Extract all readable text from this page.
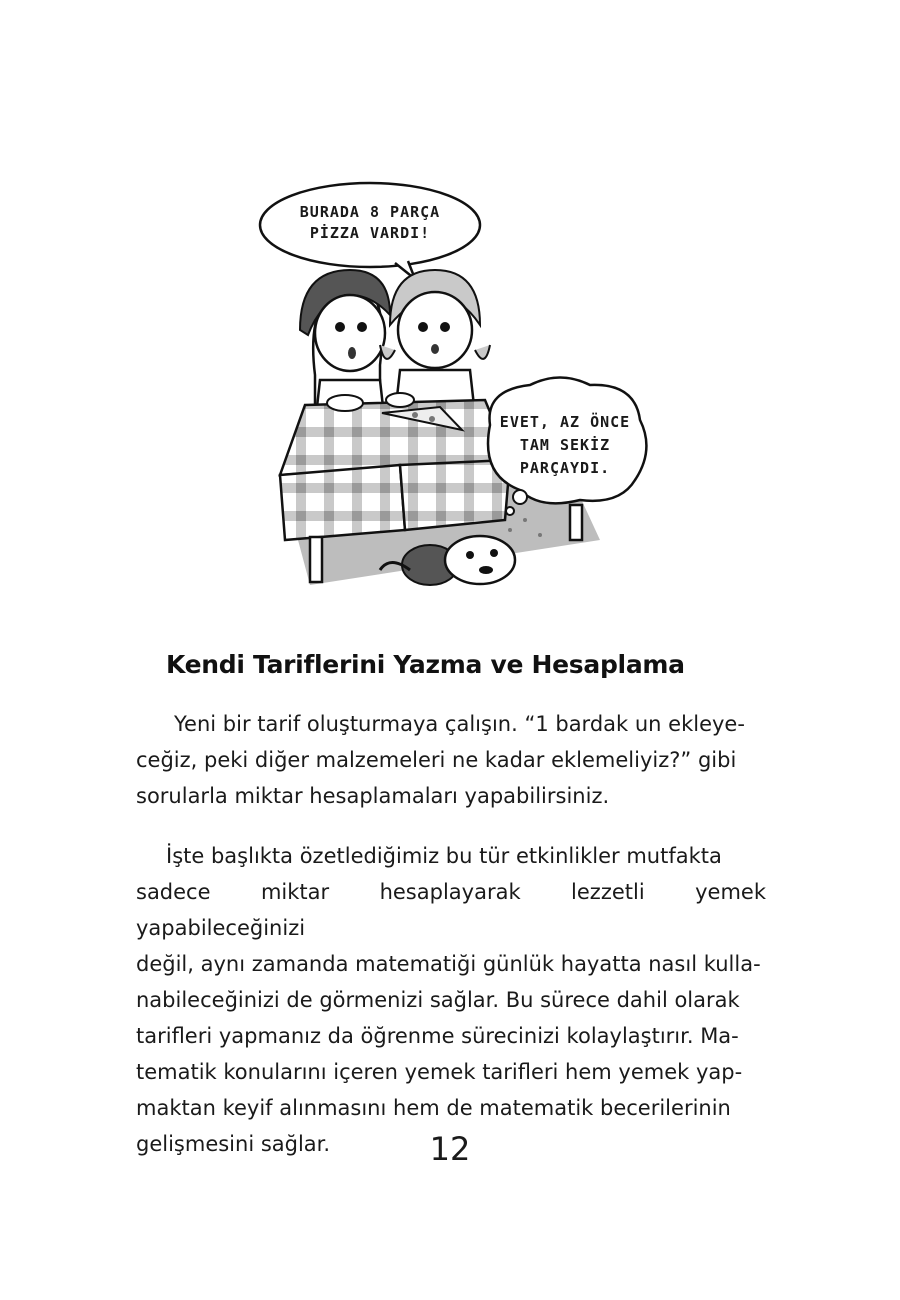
BURADA 8 PARÇA
PİZZA VARDI!
EVET, AZ ÖNCE
TAM SEKİZ
PARÇAYDI.
Kendi Tariflerini Yazma ve Hesaplama

Yeni bir tarif oluşturmaya çalışın. “1 bardak un ekleye-
ceğiz, peki diğer malzemeleri ne kadar eklemeliyiz?” gibi
sorularla miktar hesaplamaları yapabilirsiniz.

İşte başlıkta özetlediğimiz bu tür etkinlikler mutfakta
sadece miktar hesaplayarak lezzetli yemek yapabileceğinizi
değil, aynı zamanda matematiği günlük hayatta nasıl kulla-
nabileceğinizi de görmenizi sağlar. Bu sürece dahil olarak
tarifleri yapmanız da öğrenme sürecinizi kolaylaştırır. Ma-
tematik konularını içeren yemek tarifleri hem yemek yap-
maktan keyif alınmasını hem de matematik becerilerinin
gelişmesini sağlar.	12
